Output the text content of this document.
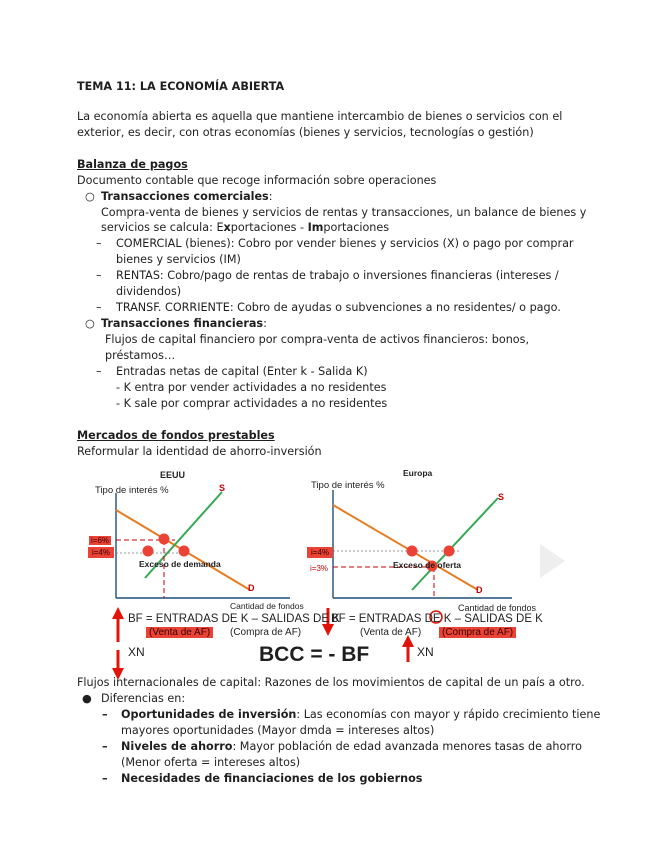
TEMA 11: LA ECONOMÍA ABIERTA
La economía abierta es aquella que mantiene intercambio de bienes o servicios con el
exterior, es decir, con otras economías (bienes y servicios, tecnologías o gestión)
Balanza de pagos
Documento contable que recoge información sobre operaciones
○ Transacciones comerciales:
Compra-venta de bienes y servicios de rentas y transacciones, un balance de bienes y
servicios se calcula: Exportaciones - Importaciones
– COMERCIAL (bienes): Cobro por vender bienes y servicios (X) o pago por comprar
bienes y servicios (IM)
– RENTAS: Cobro/pago de rentas de trabajo o inversiones financieras (intereses /
dividendos)
– TRANSF. CORRIENTE: Cobro de ayudas o subvenciones a no residentes/ o pago.
○ Transacciones financieras:
Flujos de capital financiero por compra-venta de activos financieros: bonos,
préstamos…
– Entradas netas de capital (Enter k - Salida K)
- K entra por vender actividades a no residentes
- K sale por comprar actividades a no residentes
Mercados de fondos prestables
Reformular la identidad de ahorro-inversión
EEUU
Tipo de interés %	S
D
Exceso de demanda
i=6%
i=4%
Cantidad de fondos
Europa
Tipo de interés %
S
D
Exceso de oferta
i=4%
i=3%
Cantidad de fondos
BF = ENTRADAS DE K – SALIDAS DE K
(Venta de AF)	(Compra de AF)
XN
BF = ENTRADAS DE K – SALIDAS DE K
(Venta de AF)	(Compra de AF)
XN
BCC = - BF
Flujos internacionales de capital: Razones de los movimientos de capital de un país a otro.
● Diferencias en:
– Oportunidades de inversión: Las economías con mayor y rápido crecimiento tiene
mayores oportunidades (Mayor dmda = intereses altos)
– Niveles de ahorro: Mayor población de edad avanzada menores tasas de ahorro
(Menor oferta = intereses altos)
– Necesidades de financiaciones de los gobiernos
